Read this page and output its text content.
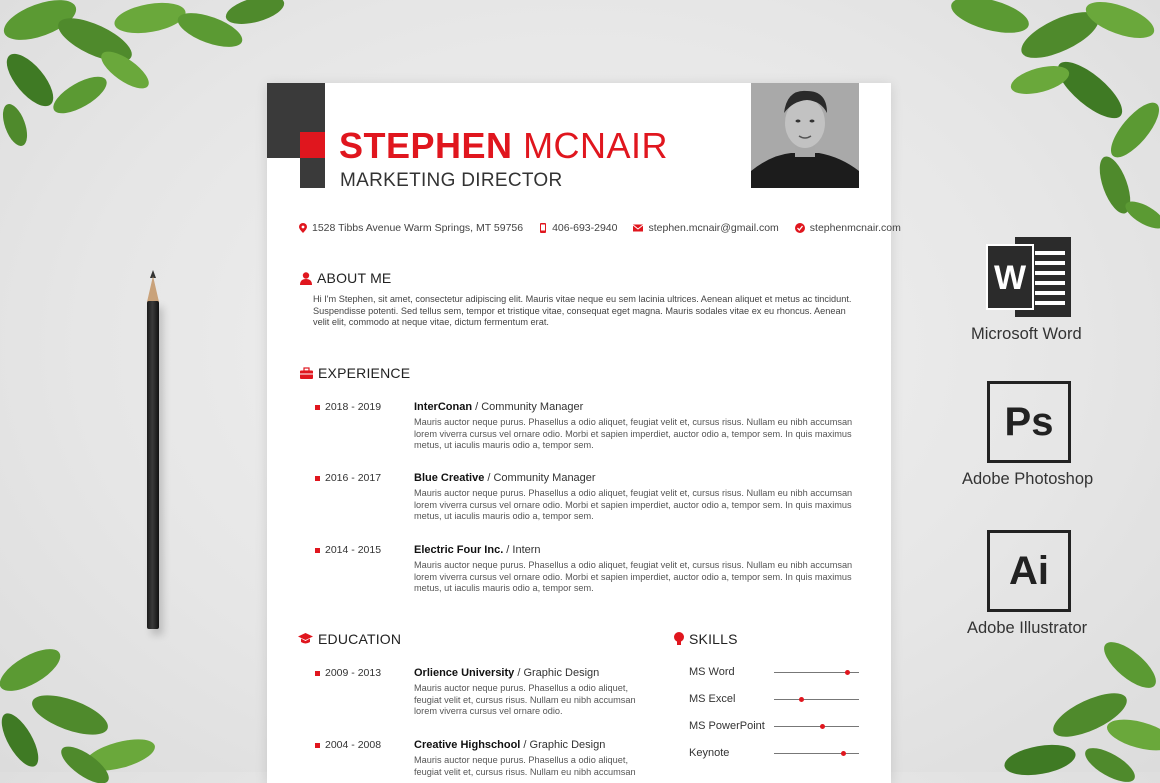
STEPHEN MCNAIR
MARKETING DIRECTOR
1528 Tibbs Avenue Warm Springs, MT 59756	406-693-2940	stephen.mcnair@gmail.com	stephenmcnair.com
ABOUT ME
Hi I'm Stephen, sit amet, consectetur adipiscing elit. Mauris vitae neque eu sem lacinia ultrices. Aenean aliquet et metus ac tincidunt. Suspendisse potenti. Sed tellus sem, tempor et tristique vitae, consequat eget magna. Mauris sodales vitae ex eu rhoncus. Aenean velit elit, commodo at neque vitae, dictum fermentum erat.
EXPERIENCE
2018 - 2019	InterConan / Community Manager
Mauris auctor neque purus. Phasellus a odio aliquet, feugiat velit et, cursus risus. Nullam eu nibh accumsan lorem viverra cursus vel ornare odio. Morbi et sapien imperdiet, auctor odio a, tempor sem. In quis maximus metus, ut iaculis mauris odio a, tempor sem.
2016 - 2017	Blue Creative / Community Manager
Mauris auctor neque purus. Phasellus a odio aliquet, feugiat velit et, cursus risus. Nullam eu nibh accumsan lorem viverra cursus vel ornare odio. Morbi et sapien imperdiet, auctor odio a, tempor sem. In quis maximus metus, ut iaculis mauris odio a, tempor sem.
2014 - 2015	Electric Four Inc. / Intern
Mauris auctor neque purus. Phasellus a odio aliquet, feugiat velit et, cursus risus. Nullam eu nibh accumsan lorem viverra cursus vel ornare odio. Morbi et sapien imperdiet, auctor odio a, tempor sem. In quis maximus metus, ut iaculis mauris odio a, tempor sem.
EDUCATION
2009 - 2013	Orlience University / Graphic Design
Mauris auctor neque purus. Phasellus a odio aliquet, feugiat velit et, cursus risus. Nullam eu nibh accumsan lorem viverra cursus vel ornare odio.
2004 - 2008	Creative Highschool / Graphic Design
Mauris auctor neque purus. Phasellus a odio aliquet, feugiat velit et, cursus risus. Nullam eu nibh accumsan
SKILLS
MS Word
MS Excel
MS PowerPoint
Keynote
W
Microsoft Word
Ps
Adobe Photoshop
Ai
Adobe Illustrator
